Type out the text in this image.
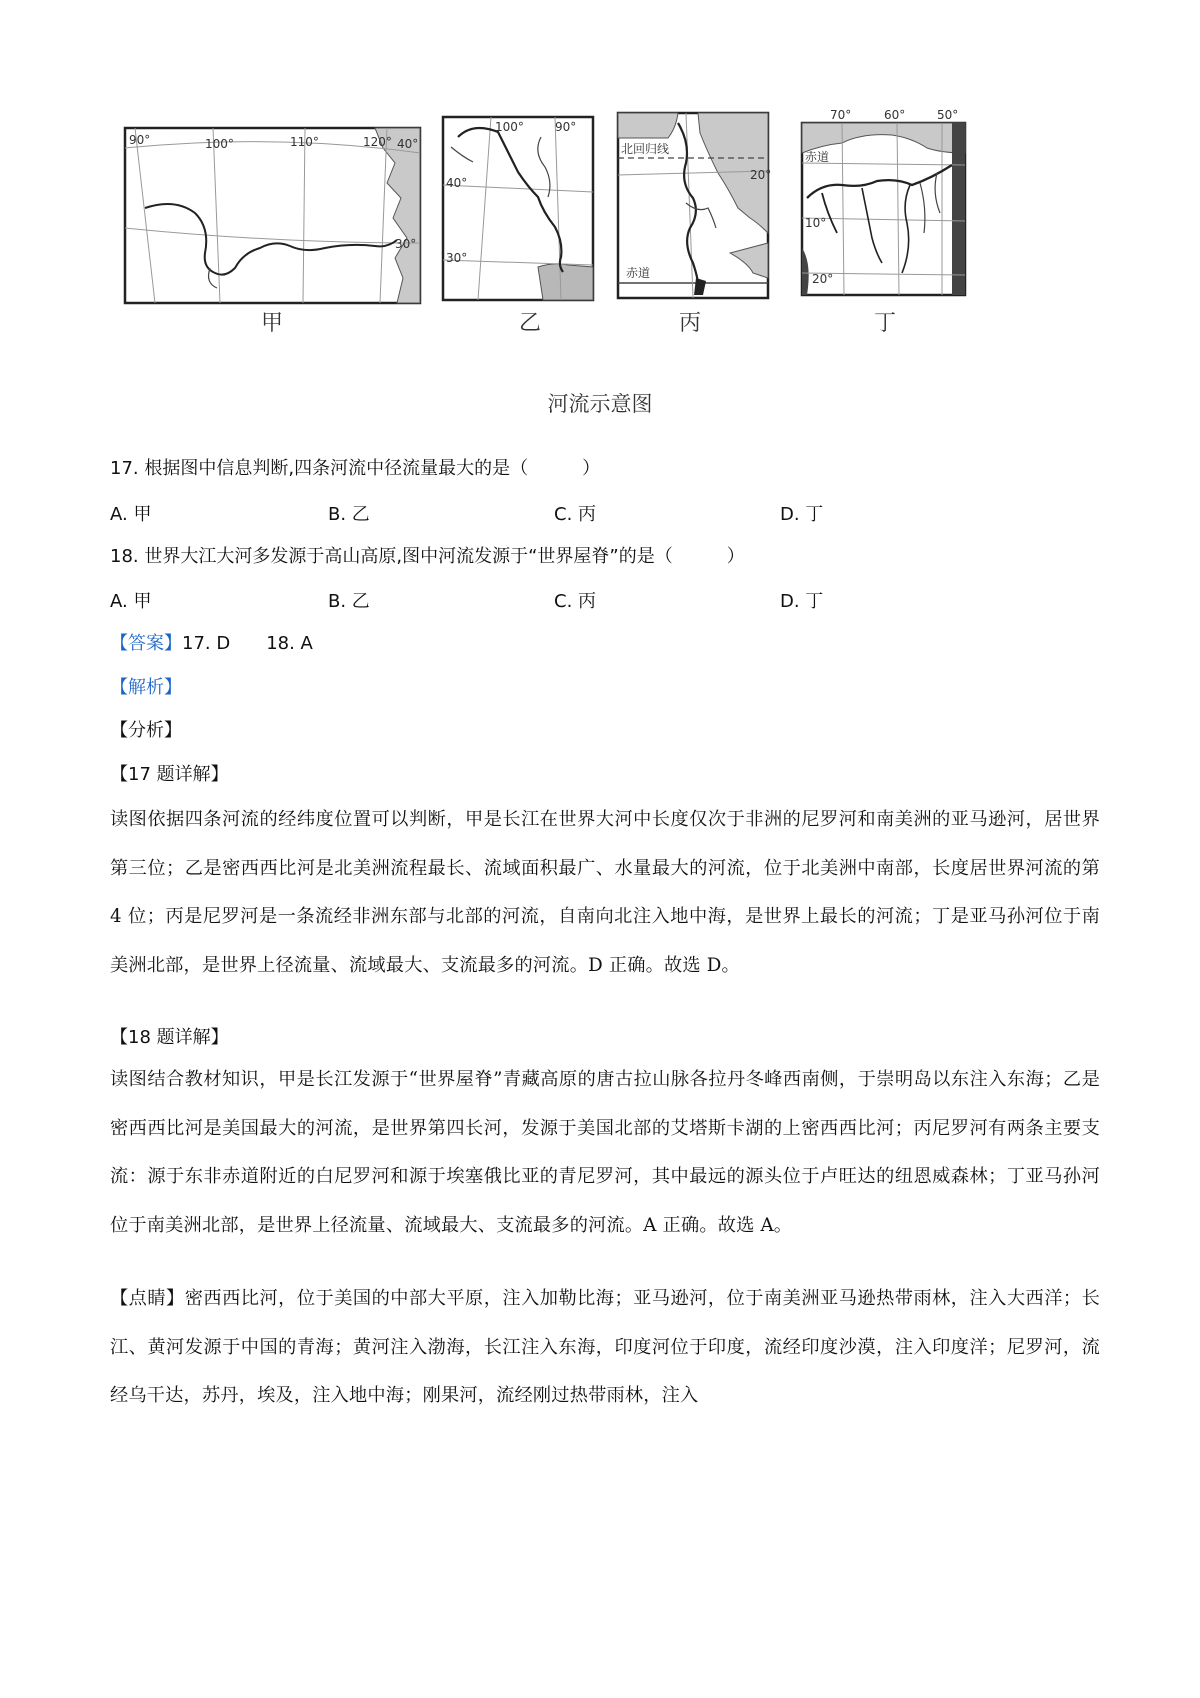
90°	100°	110°	120° 40°
30°
甲
100°	90°
40°
30°
乙
北回归线
20°
赤道
丙
70°	60°	50°
赤道
10°
20°
丁
河流示意图
17. 根据图中信息判断,四条河流中径流量最大的是（　　　）
A. 甲	B. 乙	C. 丙	D. 丁
18. 世界大江大河多发源于高山高原,图中河流发源于“世界屋脊”的是（　　　）
A. 甲	B. 乙	C. 丙	D. 丁
【答案】17. D　　18. A
【解析】
【分析】
【17 题详解】
读图依据四条河流的经纬度位置可以判断，甲是长江在世界大河中长度仅次于非洲的尼罗河和南美洲的亚马逊河，居世界第三位；乙是密西西比河是北美洲流程最长、流域面积最广、水量最大的河流，位于北美洲中南部，长度居世界河流的第 4 位；丙是尼罗河是一条流经非洲东部与北部的河流，自南向北注入地中海，是世界上最长的河流；丁是亚马孙河位于南美洲北部，是世界上径流量、流域最大、支流最多的河流。D 正确。故选 D。
【18 题详解】
读图结合教材知识，甲是长江发源于“世界屋脊”青藏高原的唐古拉山脉各拉丹冬峰西南侧，于崇明岛以东注入东海；乙是密西西比河是美国最大的河流，是世界第四长河，发源于美国北部的艾塔斯卡湖的上密西西比河；丙尼罗河有两条主要支流：源于东非赤道附近的白尼罗河和源于埃塞俄比亚的青尼罗河，其中最远的源头位于卢旺达的纽恩威森林；丁亚马孙河位于南美洲北部，是世界上径流量、流域最大、支流最多的河流。A 正确。故选 A。
【点睛】密西西比河，位于美国的中部大平原，注入加勒比海；亚马逊河，位于南美洲亚马逊热带雨林，注入大西洋；长江、黄河发源于中国的青海；黄河注入渤海，长江注入东海，印度河位于印度，流经印度沙漠，注入印度洋；尼罗河，流经乌干达，苏丹，埃及，注入地中海；刚果河，流经刚过热带雨林，注入
